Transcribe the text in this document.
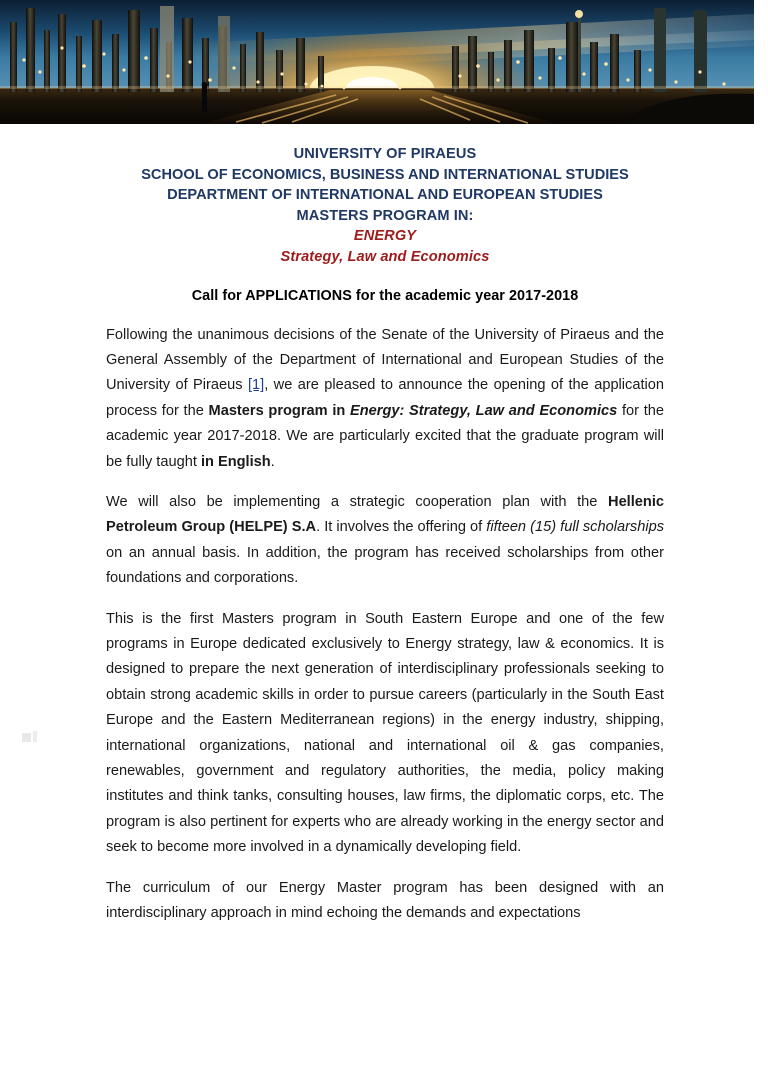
UNIVERSITY OF PIRAEUS
SCHOOL OF ECONOMICS, BUSINESS AND INTERNATIONAL STUDIES
DEPARTMENT OF INTERNATIONAL AND EUROPEAN STUDIES
MASTERS PROGRAM IN:
ENERGY
Strategy, Law and Economics
Call for APPLICATIONS for the academic year 2017-2018

Following the unanimous decisions of the Senate of the University of Piraeus and the General Assembly of the Department of International and European Studies of the University of Piraeus [1], we are pleased to announce the opening of the application process for the Masters program in Energy: Strategy, Law and Economics for the academic year 2017-2018. We are particularly excited that the graduate program will be fully taught in English.

We will also be implementing a strategic cooperation plan with the Hellenic Petroleum Group (HELPE) S.A. It involves the offering of fifteen (15) full scholarships on an annual basis. In addition, the program has received scholarships from other foundations and corporations.

This is the first Masters program in South Eastern Europe and one of the few programs in Europe dedicated exclusively to Energy strategy, law & economics. It is designed to prepare the next generation of interdisciplinary professionals seeking to obtain strong academic skills in order to pursue careers (particularly in the South East Europe and the Eastern Mediterranean regions) in the energy industry, shipping, international organizations, national and international oil & gas companies, renewables, government and regulatory authorities, the media, policy making institutes and think tanks, consulting houses, law firms, the diplomatic corps, etc. The program is also pertinent for experts who are already working in the energy sector and seek to become more involved in a dynamically developing field.

The curriculum of our Energy Master program has been designed with an interdisciplinary approach in mind echoing the demands and expectations
